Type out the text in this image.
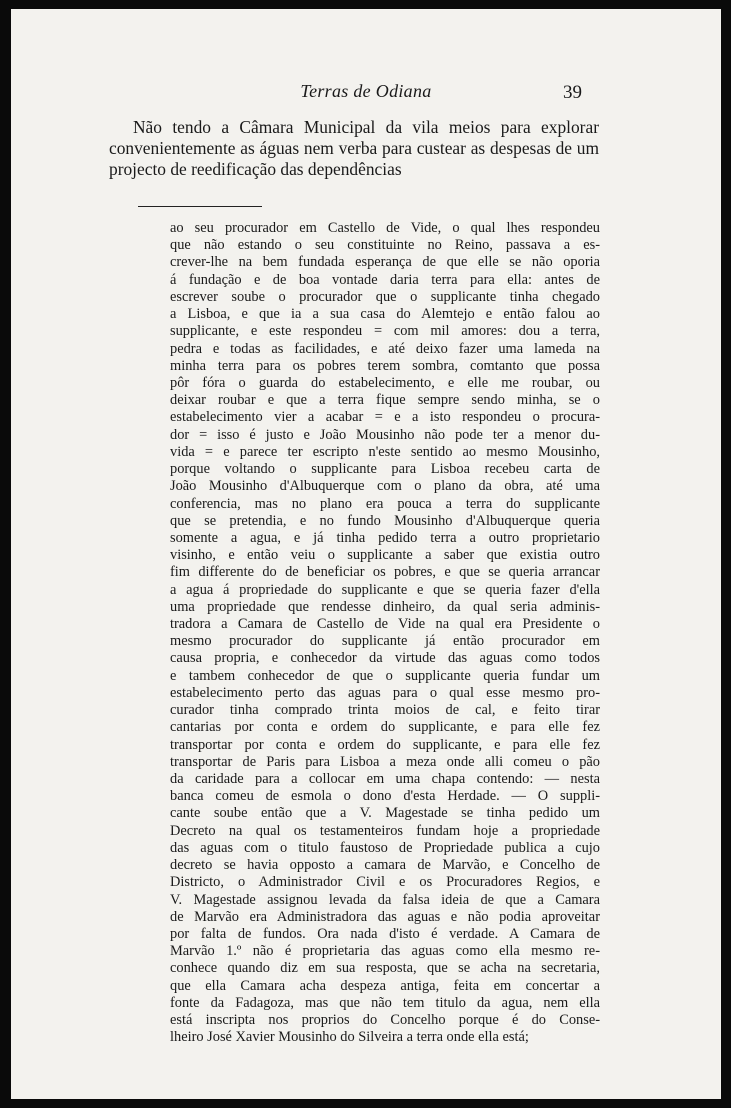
Terras de Odiana	39

Não tendo a Câmara Municipal da vila meios para explorar convenientemente as águas nem verba para custear as despesas de um projecto de reedificação das dependências

ao seu procurador em Castello de Vide, o qual lhes respondeu
que não estando o seu constituinte no Reino, passava a es-
crever-lhe na bem fundada esperança de que elle se não oporia
á fundação e de boa vontade daria terra para ella: antes de
escrever soube o procurador que o supplicante tinha chegado
a Lisboa, e que ia a sua casa do Alemtejo e então falou ao
supplicante, e este respondeu = com mil amores: dou a terra,
pedra e todas as facilidades, e até deixo fazer uma lameda na
minha terra para os pobres terem sombra, comtanto que possa
pôr fóra o guarda do estabelecimento, e elle me roubar, ou
deixar roubar e que a terra fique sempre sendo minha, se o
estabelecimento vier a acabar = e a isto respondeu o procura-
dor = isso é justo e João Mousinho não pode ter a menor du-
vida = e parece ter escripto n'este sentido ao mesmo Mousinho,
porque voltando o supplicante para Lisboa recebeu carta de
João Mousinho d'Albuquerque com o plano da obra, até uma
conferencia, mas no plano era pouca a terra do supplicante
que se pretendia, e no fundo Mousinho d'Albuquerque queria
somente a agua, e já tinha pedido terra a outro proprietario
visinho, e então veiu o supplicante a saber que existia outro
fim differente do de beneficiar os pobres, e que se queria arrancar
a agua á propriedade do supplicante e que se queria fazer d'ella
uma propriedade que rendesse dinheiro, da qual seria adminis-
tradora a Camara de Castello de Vide na qual era Presidente o
mesmo procurador do supplicante já então procurador em
causa propria, e conhecedor da virtude das aguas como todos
e tambem conhecedor de que o supplicante queria fundar um
estabelecimento perto das aguas para o qual esse mesmo pro-
curador tinha comprado trinta moios de cal, e feito tirar
cantarias por conta e ordem do supplicante, e para elle fez
transportar por conta e ordem do supplicante, e para elle fez
transportar de Paris para Lisboa a meza onde alli comeu o pão
da caridade para a collocar em uma chapa contendo: — nesta
banca comeu de esmola o dono d'esta Herdade. — O suppli-
cante soube então que a V. Magestade se tinha pedido um
Decreto na qual os testamenteiros fundam hoje a propriedade
das aguas com o titulo faustoso de Propriedade publica a cujo
decreto se havia opposto a camara de Marvão, e Concelho de
Districto, o Administrador Civil e os Procuradores Regios, e
V. Magestade assignou levada da falsa ideia de que a Camara
de Marvão era Administradora das aguas e não podia aproveitar
por falta de fundos. Ora nada d'isto é verdade. A Camara de
Marvão 1.º não é proprietaria das aguas como ella mesmo re-
conhece quando diz em sua resposta, que se acha na secretaria,
que ella Camara acha despeza antiga, feita em concertar a
fonte da Fadagoza, mas que não tem titulo da agua, nem ella
está inscripta nos proprios do Concelho porque é do Conse-
lheiro José Xavier Mousinho do Silveira a terra onde ella está;
